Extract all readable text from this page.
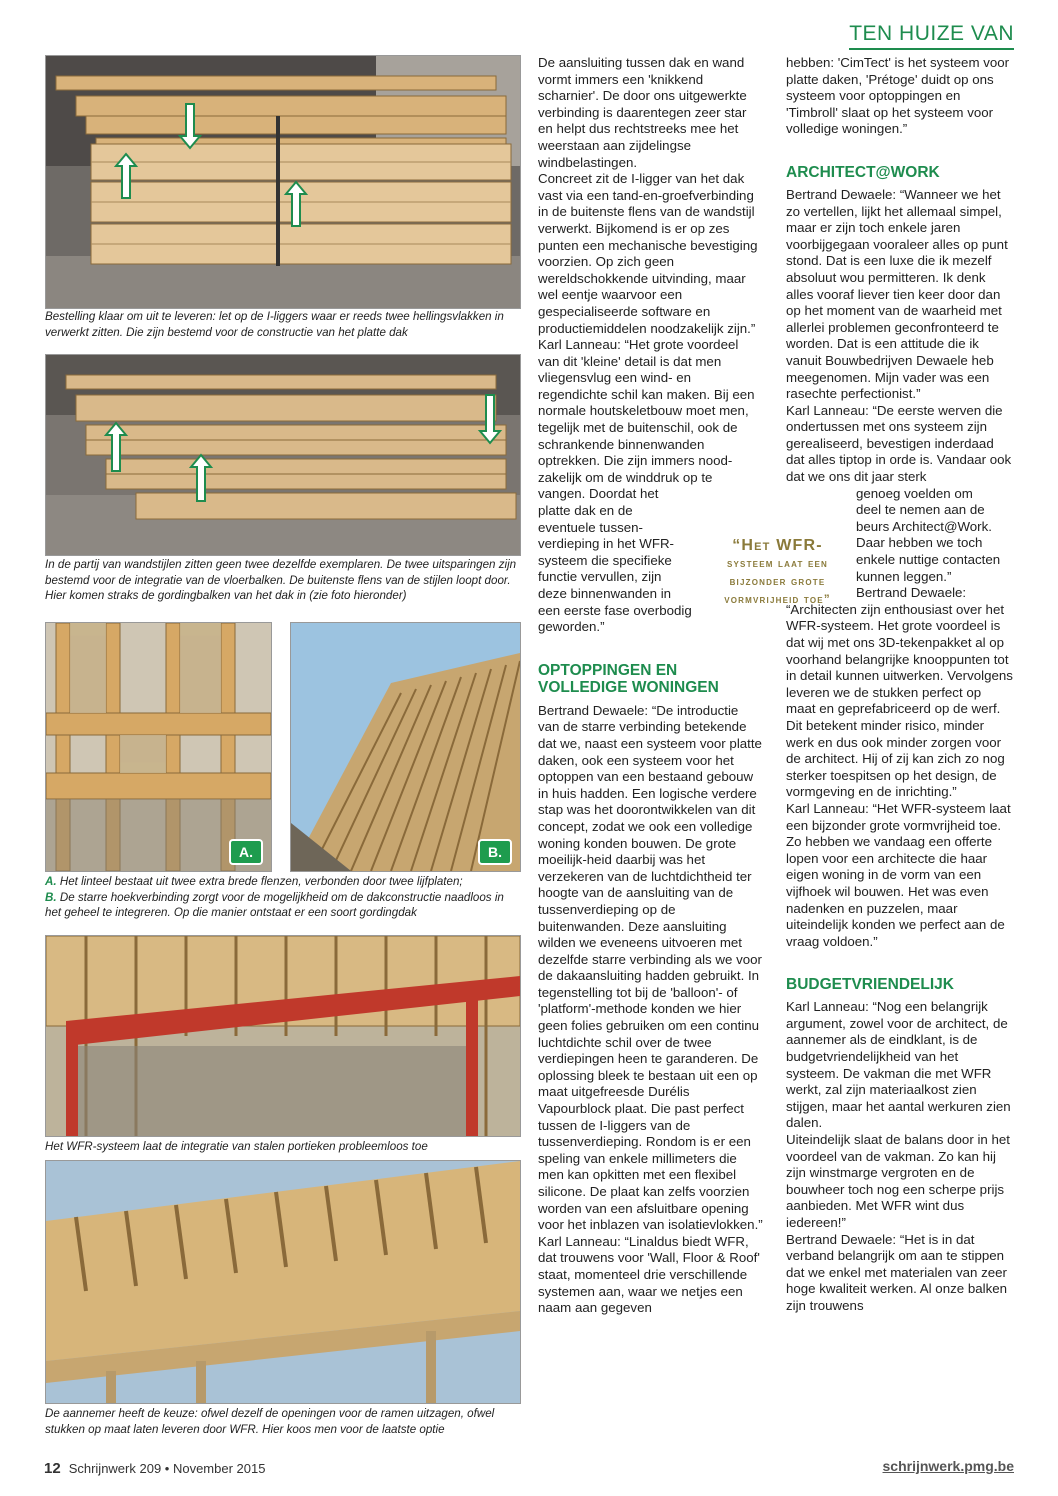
TEN HUIZE VAN

Bestelling klaar om uit te leveren: let op de I-liggers waar er reeds twee hellingsvlakken in verwerkt zitten. Die zijn bestemd voor de constructie van het platte dak

In de partij van wandstijlen zitten geen twee dezelfde exemplaren. De twee uitsparingen zijn bestemd voor de integratie van de vloerbalken. De buitenste flens van de stijlen loopt door. Hier komen straks de gordingbalken van het dak in (zie foto hieronder)

A.	B.

A. Het linteel bestaat uit twee extra brede flenzen, verbonden door twee lijfplaten;
B. De starre hoekverbinding zorgt voor de mogelijkheid om de dakconstructie naadloos in het geheel te integreren. Op die manier ontstaat er een soort gordingdak

Het WFR-systeem laat de integratie van stalen portieken probleemloos toe

De aannemer heeft de keuze: ofwel dezelf de openingen voor de ramen uitzagen, ofwel stukken op maat laten leveren door WFR. Hier koos men voor de laatste optie

De aansluiting tussen dak en wand vormt immers een 'knikkend scharnier'. De door ons uitgewerkte verbinding is daarentegen zeer star en helpt dus rechtstreeks mee het weerstaan aan zijdelingse windbelastingen.

Concreet zit de I-ligger van het dak vast via een tand-en-groefverbinding in de buitenste flens van de wandstijl verwerkt. Bijkomend is er op zes punten een mechanische bevestiging voorzien. Op zich geen wereldschokkende uitvinding, maar wel eentje waarvoor een gespecialiseerde software en productiemiddelen noodzakelijk zijn.”

Karl Lanneau: “Het grote voordeel van dit 'kleine' detail is dat men vliegensvlug een wind- en regendichte schil kan maken. Bij een normale houtskeletbouw moet men, tegelijk met de buitenschil, ook de schrankende binnenwanden optrekken. Die zijn immers nood-zakelijk om de winddruk op te vangen. Doordat het

platte dak en de

eventuele tussen-

verdieping in het WFR-

systeem die specifieke

functie vervullen, zijn

deze binnenwanden in

een eerste fase overbodig

geworden.”

OPTOPPINGEN EN VOLLEDIGE WONINGEN

Bertrand Dewaele: “De introductie van de starre verbinding betekende dat we, naast een systeem voor platte daken, ook een systeem voor het optoppen van een bestaand gebouw in huis hadden. Een logische verdere stap was het doorontwikkelen van dit concept, zodat we ook een volledige woning konden bouwen. De grote moeilijk-heid daarbij was het verzekeren van de luchtdichtheid ter hoogte van de aansluiting van de tussenverdieping op de buitenwanden. Deze aansluiting wilden we eveneens uitvoeren met dezelfde starre verbinding als we voor de dakaansluiting hadden gebruikt. In tegenstelling tot bij de 'balloon'- of 'platform'-methode konden we hier geen folies gebruiken om een continu luchtdichte schil over de twee verdiepingen heen te garanderen. De oplossing bleek te bestaan uit een op maat uitgefreesde Durélis Vapourblock plaat. Die past perfect tussen de I-liggers van de tussenverdieping. Rondom is er een speling van enkele millimeters die men kan opkitten met een flexibel silicone. De plaat kan zelfs voorzien worden van een afsluitbare opening voor het inblazen van isolatievlokken.”

Karl Lanneau: “Linaldus biedt WFR, dat trouwens voor 'Wall, Floor & Roof' staat, momenteel drie verschillende systemen aan, waar we netjes een naam aan gegeven

“Het WFR-
systeem laat een
bijzonder grote
vormvrijheid toe”

hebben: 'CimTect' is het systeem voor platte daken, 'Prétoge' duidt op ons systeem voor optoppingen en 'Timbroll' slaat op het systeem voor volledige woningen.”

ARCHITECT@WORK

Bertrand Dewaele: “Wanneer we het zo vertellen, lijkt het allemaal simpel, maar er zijn toch enkele jaren voorbijgegaan vooraleer alles op punt stond. Dat is een luxe die ik mezelf absoluut wou permitteren. Ik denk alles vooraf liever tien keer door dan op het moment van de waarheid met allerlei problemen geconfronteerd te worden. Dat is een attitude die ik vanuit Bouwbedrijven Dewaele heb meegenomen. Mijn vader was een rasechte perfectionist.”

Karl Lanneau: “De eerste werven die ondertussen met ons systeem zijn gerealiseerd, bevestigen inderdaad dat alles tiptop in orde is. Vandaar ook dat we ons dit jaar sterk

genoeg voelden om

deel te nemen aan de

beurs Architect@Work.

Daar hebben we toch

enkele nuttige contacten

kunnen leggen.”

Bertrand Dewaele:

“Architecten zijn enthousiast over het WFR-systeem. Het grote voordeel is dat wij met ons 3D-tekenpakket al op voorhand belangrijke knooppunten tot in detail kunnen uitwerken. Vervolgens leveren we de stukken perfect op maat en geprefabriceerd op de werf. Dit betekent minder risico, minder werk en dus ook minder zorgen voor de architect. Hij of zij kan zich zo nog sterker toespitsen op het design, de vormgeving en de inrichting.”

Karl Lanneau: “Het WFR-systeem laat een bijzonder grote vormvrijheid toe. Zo hebben we vandaag een offerte lopen voor een architecte die haar eigen woning in de vorm van een vijfhoek wil bouwen. Het was even nadenken en puzzelen, maar uiteindelijk konden we perfect aan de vraag voldoen.”

BUDGETVRIENDELIJK

Karl Lanneau: “Nog een belangrijk argument, zowel voor de architect, de aannemer als de eindklant, is de budgetvriendelijkheid van het systeem. De vakman die met WFR werkt, zal zijn materiaalkost zien stijgen, maar het aantal werkuren zien dalen.

Uiteindelijk slaat de balans door in het voordeel van de vakman. Zo kan hij zijn winstmarge vergroten en de bouwheer toch nog een scherpe prijs aanbieden. Met WFR wint dus iedereen!”

Bertrand Dewaele: “Het is in dat verband belangrijk om aan te stippen dat we enkel met materialen van zeer hoge kwaliteit werken. Al onze balken zijn trouwens

12 Schrijnwerk 209 • November 2015	schrijnwerk.pmg.be
